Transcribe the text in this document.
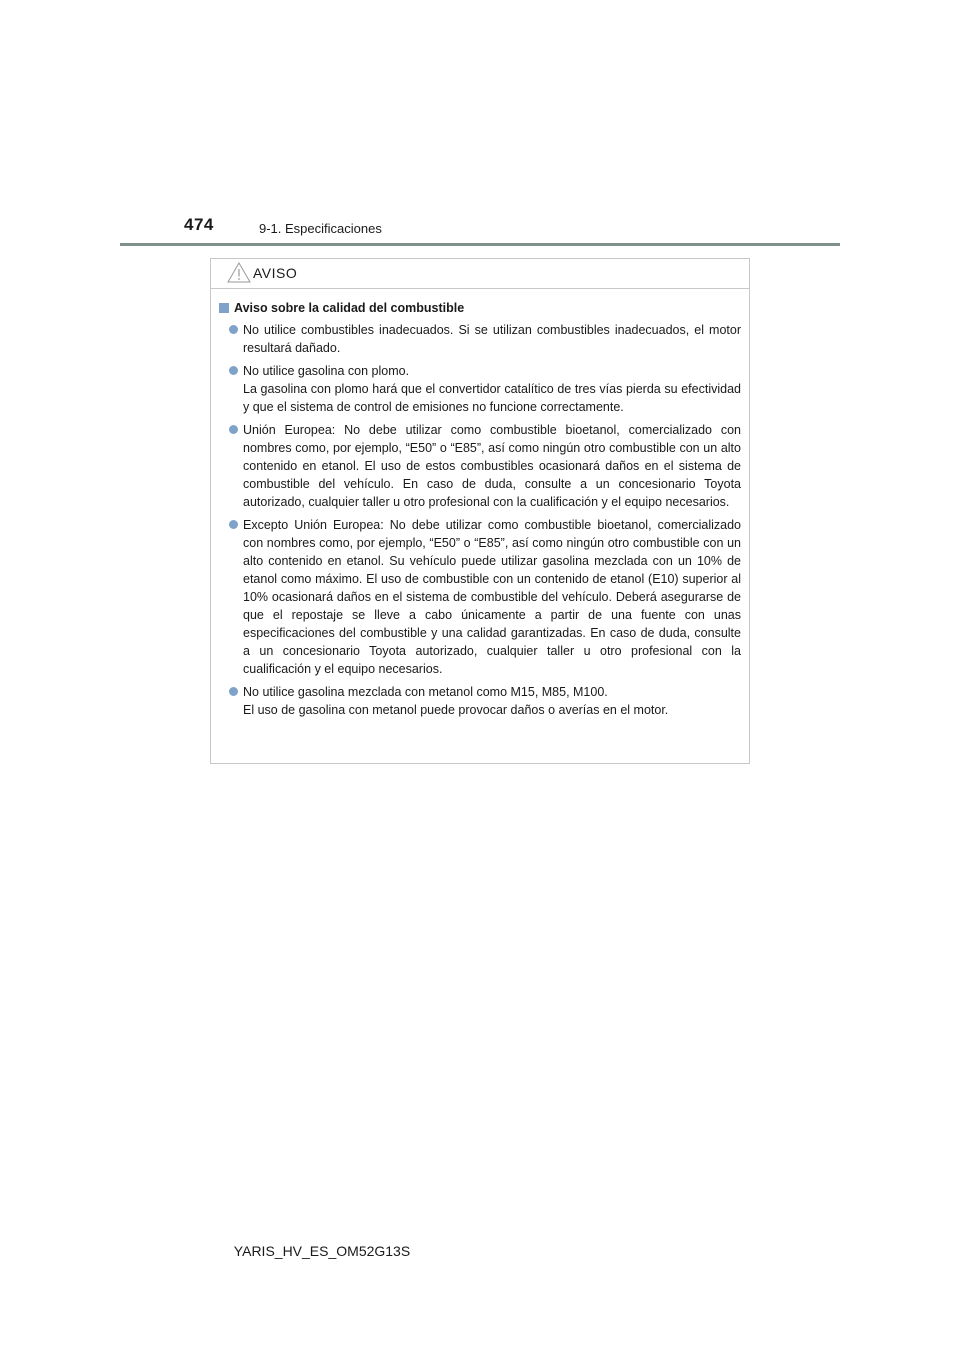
474	9-1. Especificaciones
AVISO
Aviso sobre la calidad del combustible
No utilice combustibles inadecuados. Si se utilizan combustibles inadecuados, el motor resultará dañado.
No utilice gasolina con plomo.
La gasolina con plomo hará que el convertidor catalítico de tres vías pierda su efectividad y que el sistema de control de emisiones no funcione correctamente.
Unión Europea: No debe utilizar como combustible bioetanol, comercializado con nombres como, por ejemplo, “E50” o “E85”, así como ningún otro combustible con un alto contenido en etanol. El uso de estos combustibles ocasionará daños en el sistema de combustible del vehículo. En caso de duda, consulte a un concesionario Toyota autorizado, cualquier taller u otro profesional con la cualificación y el equipo necesarios.
Excepto Unión Europea: No debe utilizar como combustible bioetanol, comercializado con nombres como, por ejemplo, “E50” o “E85”, así como ningún otro combustible con un alto contenido en etanol. Su vehículo puede utilizar gasolina mezclada con un 10% de etanol como máximo. El uso de combustible con un contenido de etanol (E10) superior al 10% ocasionará daños en el sistema de combustible del vehículo. Deberá asegurarse de que el repostaje se lleve a cabo únicamente a partir de una fuente con unas especificaciones del combustible y una calidad garantizadas. En caso de duda, consulte a un concesionario Toyota autorizado, cualquier taller u otro profesional con la cualificación y el equipo necesarios.
No utilice gasolina mezclada con metanol como M15, M85, M100.
El uso de gasolina con metanol puede provocar daños o averías en el motor.
YARIS_HV_ES_OM52G13S
